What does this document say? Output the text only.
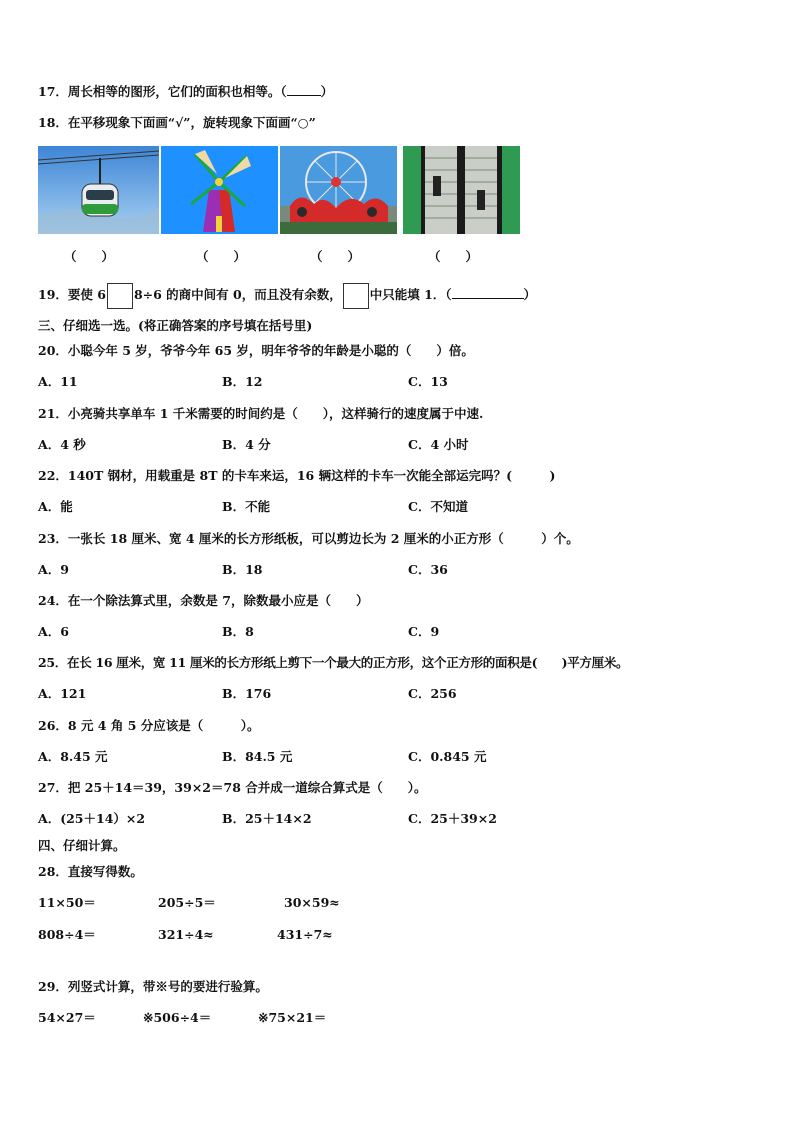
17．周长相等的图形，它们的面积也相等。（	）
18．在平移现象下面画“√”，旋转现象下面画“○”
（　　）	（　　）	（　　）	（　　）
19．要使 6 8÷6 的商中间有 0，而且没有余数， 中只能填 1．（	）
三、仔细选一选。(将正确答案的序号填在括号里)
20．小聪今年 5 岁，爷爷今年 65 岁，明年爷爷的年龄是小聪的（　　）倍。
A．11	B．12	C．13
21．小亮骑共享单车 1 千米需要的时间约是（　　），这样骑行的速度属于中速.
A．4 秒	B．4 分	C．4 小时
22．140T 钢材，用载重是 8T 的卡车来运，16 辆这样的卡车一次能全部运完吗？(　　　)
A．能	B．不能	C．不知道
23．一张长 18 厘米、宽 4 厘米的长方形纸板，可以剪边长为 2 厘米的小正方形（　　　）个。
A．9	B．18	C．36
24．在一个除法算式里，余数是 7，除数最小应是（　　）
A．6	B．8	C．9
25．在长 16 厘米，宽 11 厘米的长方形纸上剪下一个最大的正方形，这个正方形的面积是(　　)平方厘米。
A．121	B．176	C．256
26．8 元 4 角 5 分应该是（　　　）。
A．8.45 元	B．84.5 元	C．0.845 元
27．把 25＋14＝39，39×2＝78 合并成一道综合算式是（　　）。
A．(25＋14）×2	B．25＋14×2	C．25＋39×2
四、仔细计算。
28．直接写得数。
11×50＝	205÷5＝	30×59≈
808÷4＝	321÷4≈	431÷7≈
29．列竖式计算，带※号的要进行验算。
54×27＝	※506÷4＝	※75×21＝
